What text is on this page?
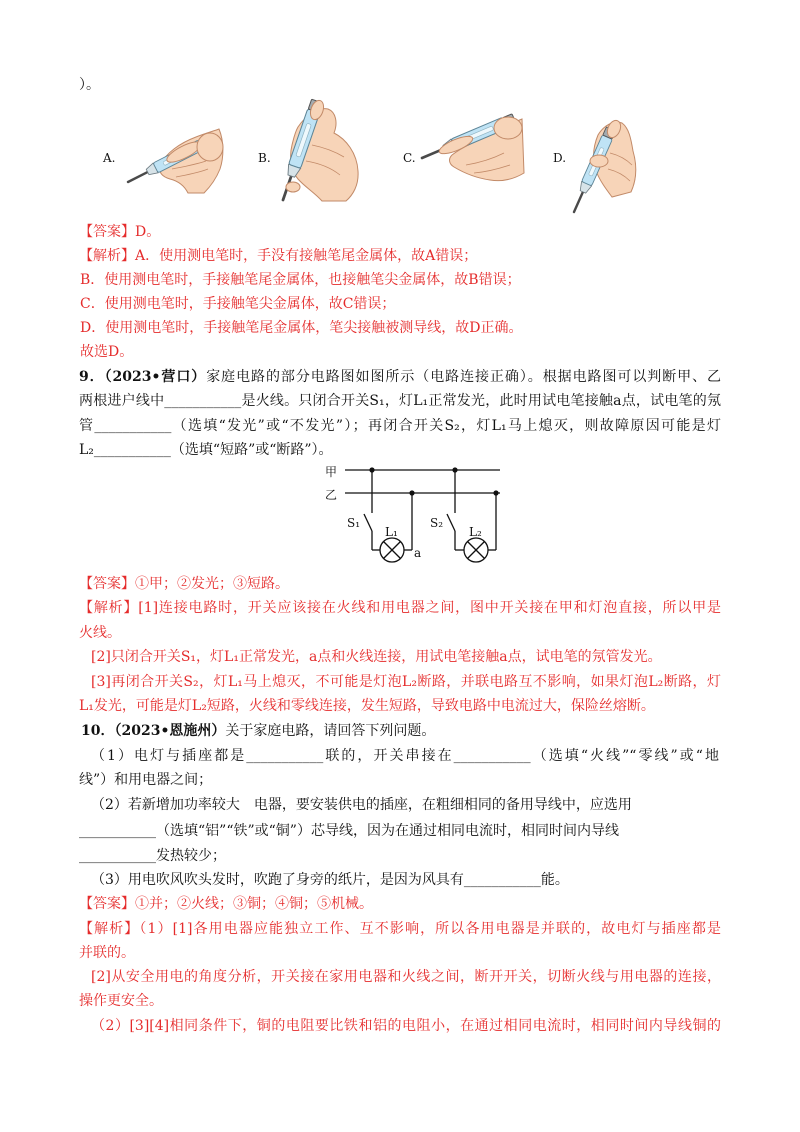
）。
A.	B.	C.	D.
【答案】D。
【解析】A．使用测电笔时，手没有接触笔尾金属体，故A错误；
B．使用测电笔时，手接触笔尾金属体，也接触笔尖金属体，故B错误；
C．使用测电笔时，手接触笔尖金属体，故C错误；
D．使用测电笔时，手接触笔尾金属体，笔尖接触被测导线，故D正确。
故选D。
9．（2023•营口）家庭电路的部分电路图如图所示（电路连接正确）。根据电路图可以判断甲、乙
两根进户线中___________是火线。只闭合开关S₁，灯L₁正常发光，此时用试电笔接触a点，试电笔的氖
管___________（选填“发光”或“不发光”）；再闭合开关S₂，灯L₁马上熄灭，则故障原因可能是灯
L₂___________（选填“短路”或“断路”）。
甲
乙
S₁
L₁
a
S₂
L₂
【答案】①甲；②发光；③短路。
【解析】[1]连接电路时，开关应该接在火线和用电器之间，图中开关接在甲和灯泡直接，所以甲是
火线。
[2]只闭合开关S₁，灯L₁正常发光，a点和火线连接，用试电笔接触a点，试电笔的氖管发光。
[3]再闭合开关S₂，灯L₁马上熄灭，不可能是灯泡L₂断路，并联电路互不影响，如果灯泡L₂断路，灯
L₁发光，可能是灯L₂短路，火线和零线连接，发生短路，导致电路中电流过大，保险丝熔断。
10．（2023•恩施州）关于家庭电路，请回答下列问题。
（1）电灯与插座都是___________联的，开关串接在___________（选填“火线”“零线”或“地
线”）和用电器之间；
（2）若新增加功率较大　电器，要安装供电的插座，在粗细相同的备用导线中，应选用
___________（选填“铝”“铁”或“铜”）芯导线，因为在通过相同电流时，相同时间内导线
___________发热较少；
（3）用电吹风吹头发时，吹跑了身旁的纸片，是因为风具有___________能。
【答案】①并；②火线；③铜；④铜；⑤机械。
【解析】（1）[1]各用电器应能独立工作、互不影响，所以各用电器是并联的，故电灯与插座都是
并联的。
[2]从安全用电的角度分析，开关接在家用电器和火线之间，断开开关，切断火线与用电器的连接，
操作更安全。
（2）[3][4]相同条件下，铜的电阻要比铁和铝的电阻小，在通过相同电流时，相同时间内导线铜的
